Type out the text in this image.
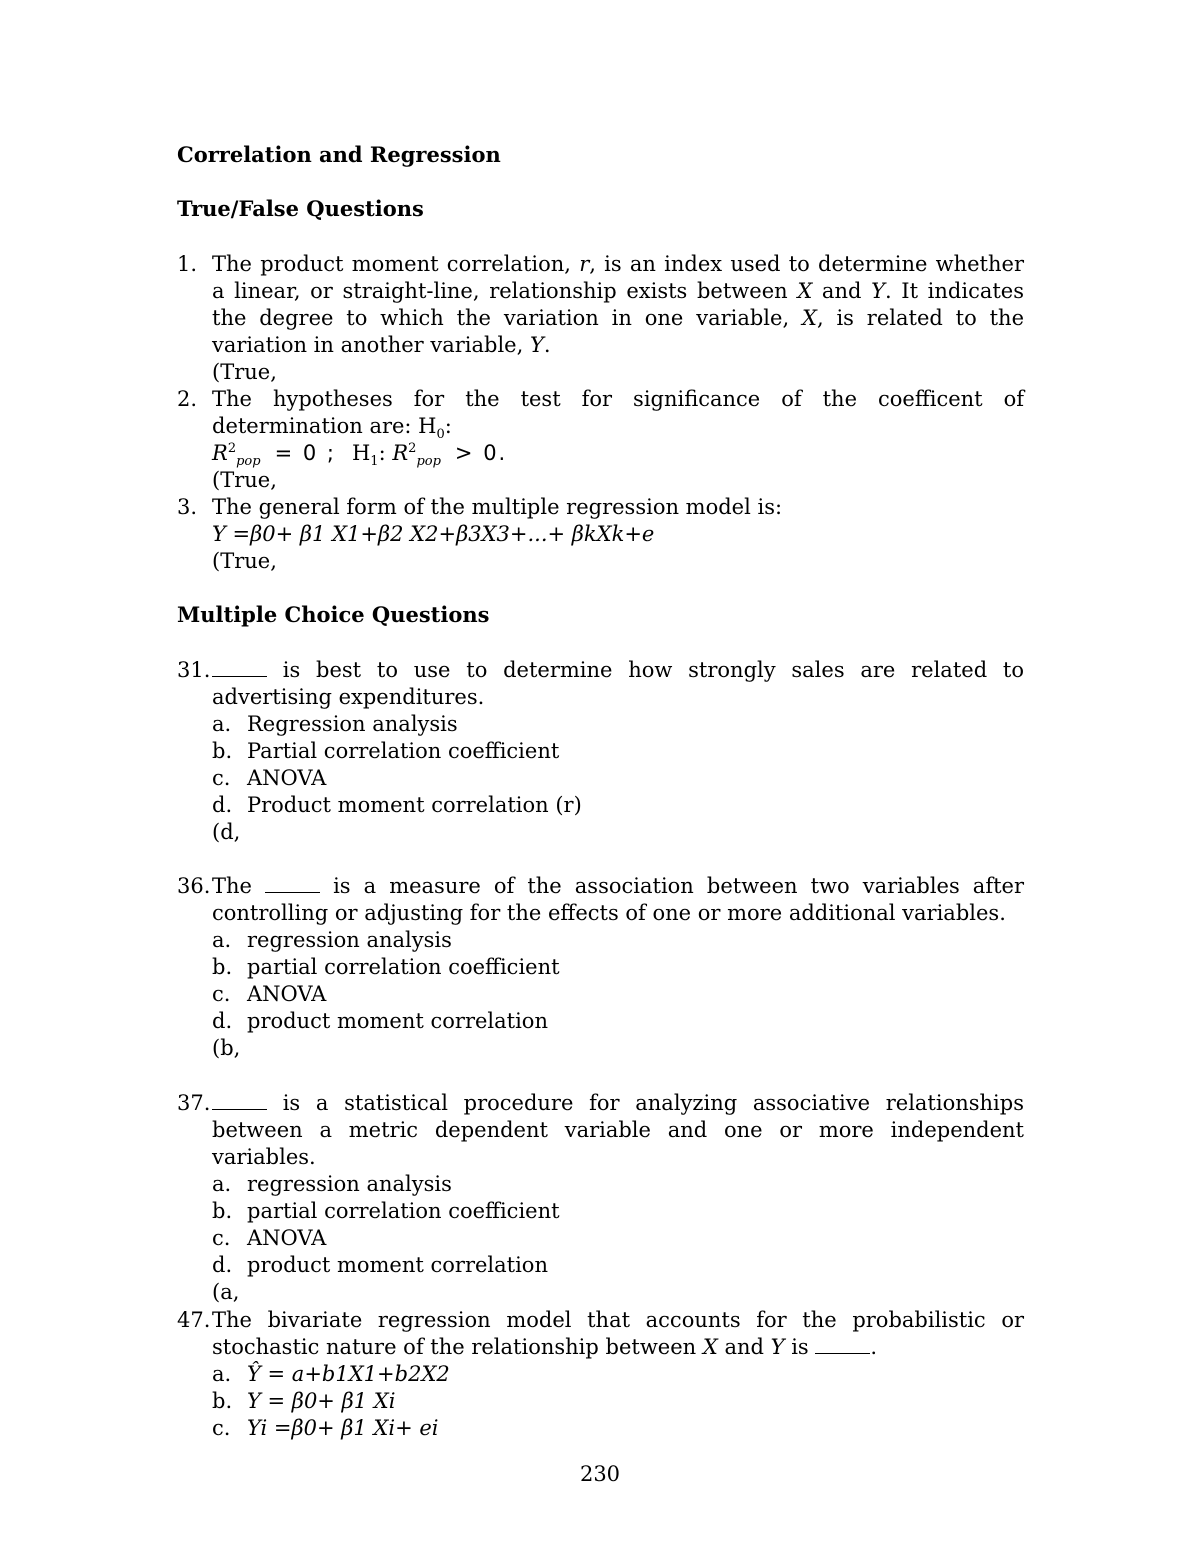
Correlation and Regression
True/False Questions
1. The product moment correlation, r, is an index used to determine whether a linear, or straight-line, relationship exists between X and Y. It indicates the degree to which the variation in one variable, X, is related to the variation in another variable, Y.
(True,
2. The hypotheses for the test for significance of the coefficent of determination are: $H_0$:
$R^2_{pop} = 0$ ; $H_1$: $R^2_{pop} > 0$.
(True,
3. The general form of the multiple regression model is:
Y =β0+ β1 X1+β2 X2+β3X3+...+ βkXk+e
(True,
Multiple Choice Questions
31.	is best to use to determine how strongly sales are related to advertising expenditures.
a. Regression analysis
b. Partial correlation coefficient
c. ANOVA
d. Product moment correlation (r)
(d,
36. The	is a measure of the association between two variables after controlling or adjusting for the effects of one or more additional variables.
a. regression analysis
b. partial correlation coefficient
c. ANOVA
d. product moment correlation
(b,
37.	is a statistical procedure for analyzing associative relationships between a metric dependent variable and one or more independent variables.
a. regression analysis
b. partial correlation coefficient
c. ANOVA
d. product moment correlation
(a,
47. The bivariate regression model that accounts for the probabilistic or stochastic nature of the relationship between X and Y is	.
a. Ŷ = a+b1X1+b2X2
b. Y = β0+ β1 Xi
c. Yi =β0+ β1 Xi+ ei
230
